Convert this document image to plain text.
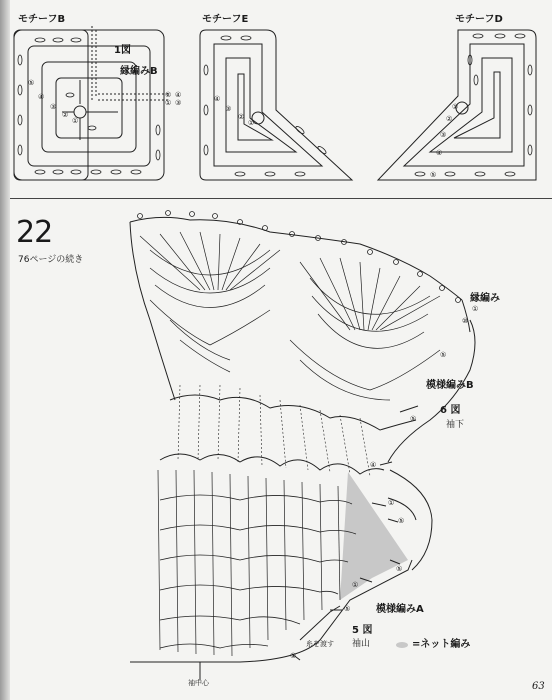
モチーフB	モチーフE	モチーフD
1図
縁編みB
⑤
④
③
②
①
④
③
②
①	④
③
②
①
⑤
④
③
②
①
22
76ページの続き
縁編み
模様編みB
6 図
袖下
模様編みA
5 図
袖山
糸を渡す
袖中心
=ネット編み
①
⑩
⑤
⑤
④
①
⑤
⑤
①
⑤
①
63
